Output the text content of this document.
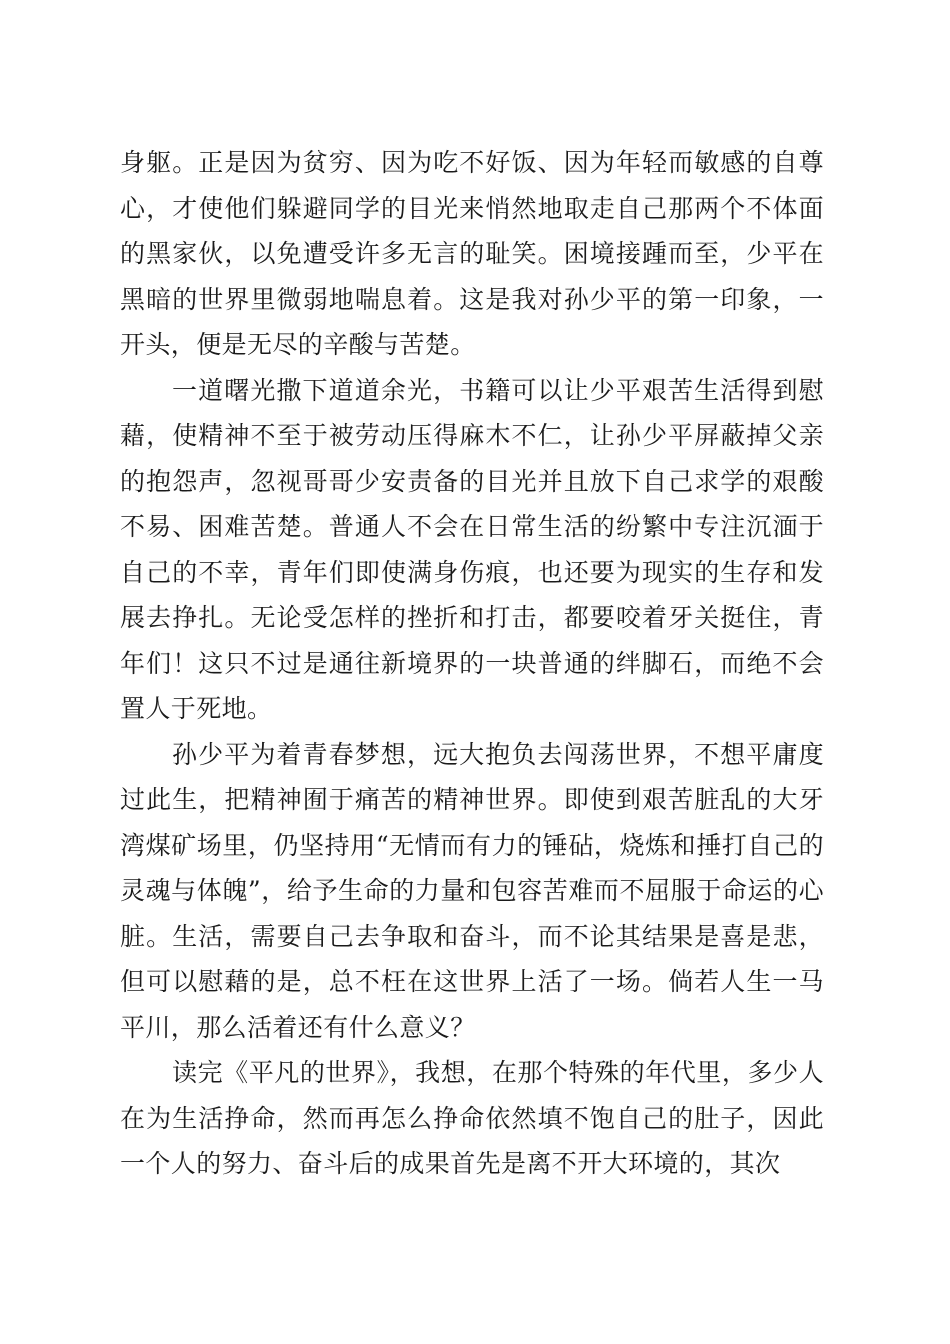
身躯。正是因为贫穷、因为吃不好饭、因为年轻而敏感的自尊心，才使他们躲避同学的目光来悄然地取走自己那两个不体面的黑家伙，以免遭受许多无言的耻笑。困境接踵而至，少平在黑暗的世界里微弱地喘息着。这是我对孙少平的第一印象，一开头，便是无尽的辛酸与苦楚。

一道曙光撒下道道余光，书籍可以让少平艰苦生活得到慰藉，使精神不至于被劳动压得麻木不仁，让孙少平屏蔽掉父亲的抱怨声，忽视哥哥少安责备的目光并且放下自己求学的艰酸不易、困难苦楚。普通人不会在日常生活的纷繁中专注沉湎于自己的不幸，青年们即使满身伤痕，也还要为现实的生存和发展去挣扎。无论受怎样的挫折和打击，都要咬着牙关挺住，青年们！这只不过是通往新境界的一块普通的绊脚石，而绝不会置人于死地。

孙少平为着青春梦想，远大抱负去闯荡世界，不想平庸度过此生，把精神囿于痛苦的精神世界。即使到艰苦脏乱的大牙湾煤矿场里，仍坚持用“无情而有力的锤砧，烧炼和捶打自己的灵魂与体魄”，给予生命的力量和包容苦难而不屈服于命运的心脏。生活，需要自己去争取和奋斗，而不论其结果是喜是悲，但可以慰藉的是，总不枉在这世界上活了一场。倘若人生一马平川，那么活着还有什么意义？

读完《平凡的世界》，我想，在那个特殊的年代里，多少人在为生活挣命，然而再怎么挣命依然填不饱自己的肚子，因此一个人的努力、奋斗后的成果首先是离不开大环境的，其次
